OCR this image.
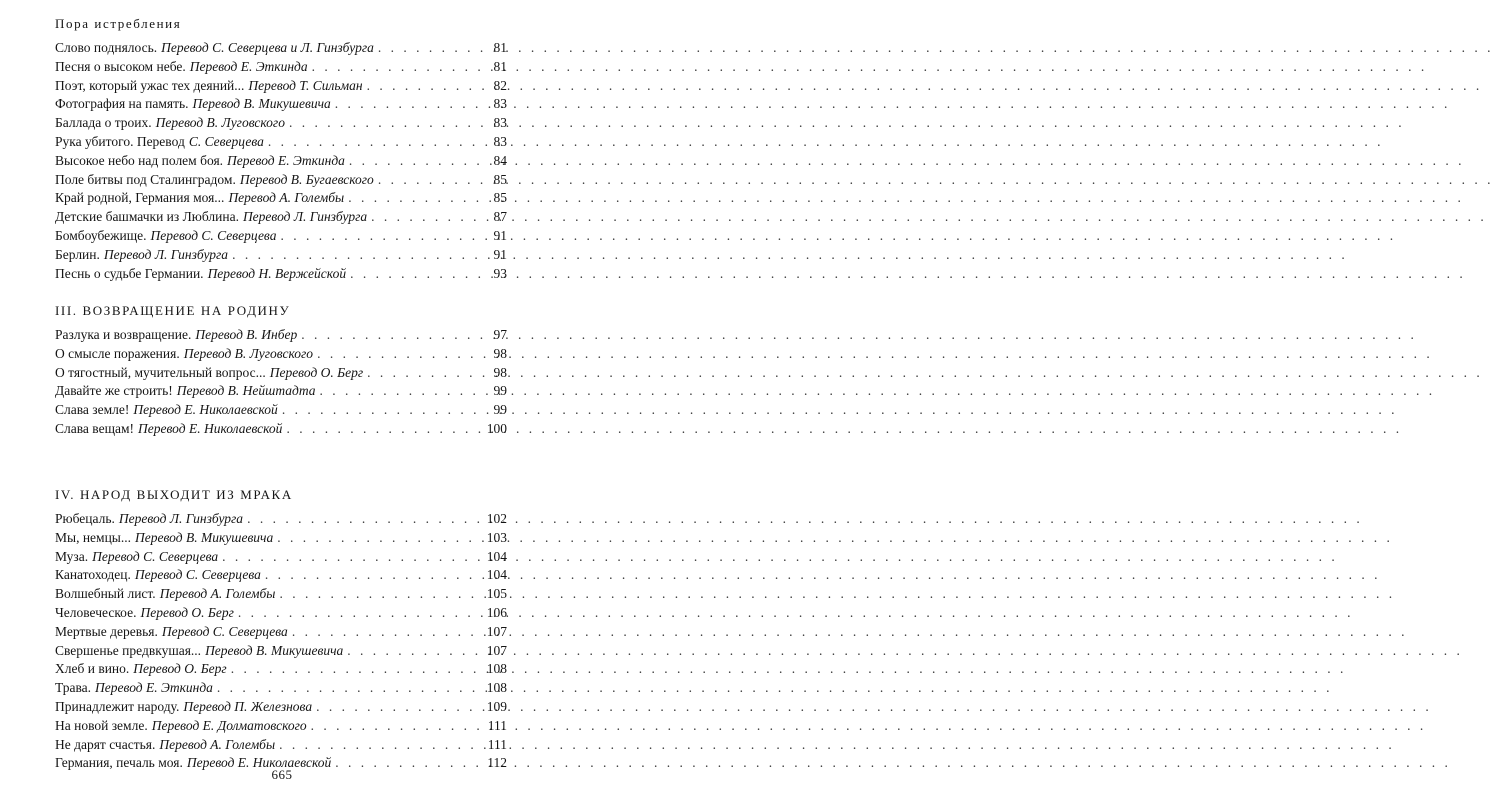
Пора истребления
Слово поднялось. Перевод С. Северцева и Л. Гинзбурга . . .	81
Песня о высоком небе. Перевод Е. Эткинда . . .	81
Поэт, который ужас тех деяний... Перевод Т. Сильман . . .	82
Фотография на память. Перевод В. Микушевича . . .	83
Баллада о троих. Перевод В. Луговского . . .	83
Рука убитого. Перевод С. Северцева . . .	83
Высокое небо над полем боя. Перевод Е. Эткинда . . .	84
Поле битвы под Сталинградом. Перевод В. Бугаевского . . .	85
Край родной, Германия моя... Перевод А. Голембы . . .	85
Детские башмачки из Люблина. Перевод Л. Гинзбурга . . .	87
Бомбоубежище. Перевод С. Северцева . . .	91
Берлин. Перевод Л. Гинзбурга . . .	91
Песнь о судьбе Германии. Перевод Н. Вержейской . . .	93
III. ВОЗВРАЩЕНИЕ НА РОДИНУ
Разлука и возвращение. Перевод В. Инбер . . .	97
О смысле поражения. Перевод В. Луговского . . .	98
О тягостный, мучительный вопрос... Перевод О. Берг . . .	98
Давайте же строить! Перевод В. Нейштадта . . .	99
Слава земле! Перевод Е. Николаевской . . .	99
Слава вещам! Перевод Е. Николаевской . . .	100
IV. НАРОД ВЫХОДИТ ИЗ МРАКА
Рюбецаль. Перевод Л. Гинзбурга . . .	102
Мы, немцы... Перевод В. Микушевича . . .	103
Муза. Перевод С. Северцева . . .	104
Канатоходец. Перевод С. Северцева . . .	104
Волшебный лист. Перевод А. Голембы . . .	105
Человеческое. Перевод О. Берг . . .	106
Мертвые деревья. Перевод С. Северцева . . .	107
Свершенье предвкушая... Перевод В. Микушевича . . .	107
Хлеб и вино. Перевод О. Берг . . .	108
Трава. Перевод Е. Эткинда . . .	108
Принадлежит народу. Перевод П. Железнова . . .	109
На новой земле. Перевод Е. Долматовского . . .	111
Не дарят счастья. Перевод А. Голембы . . .	111
Германия, печаль моя. Перевод Е. Николаевской . . .	112
665
